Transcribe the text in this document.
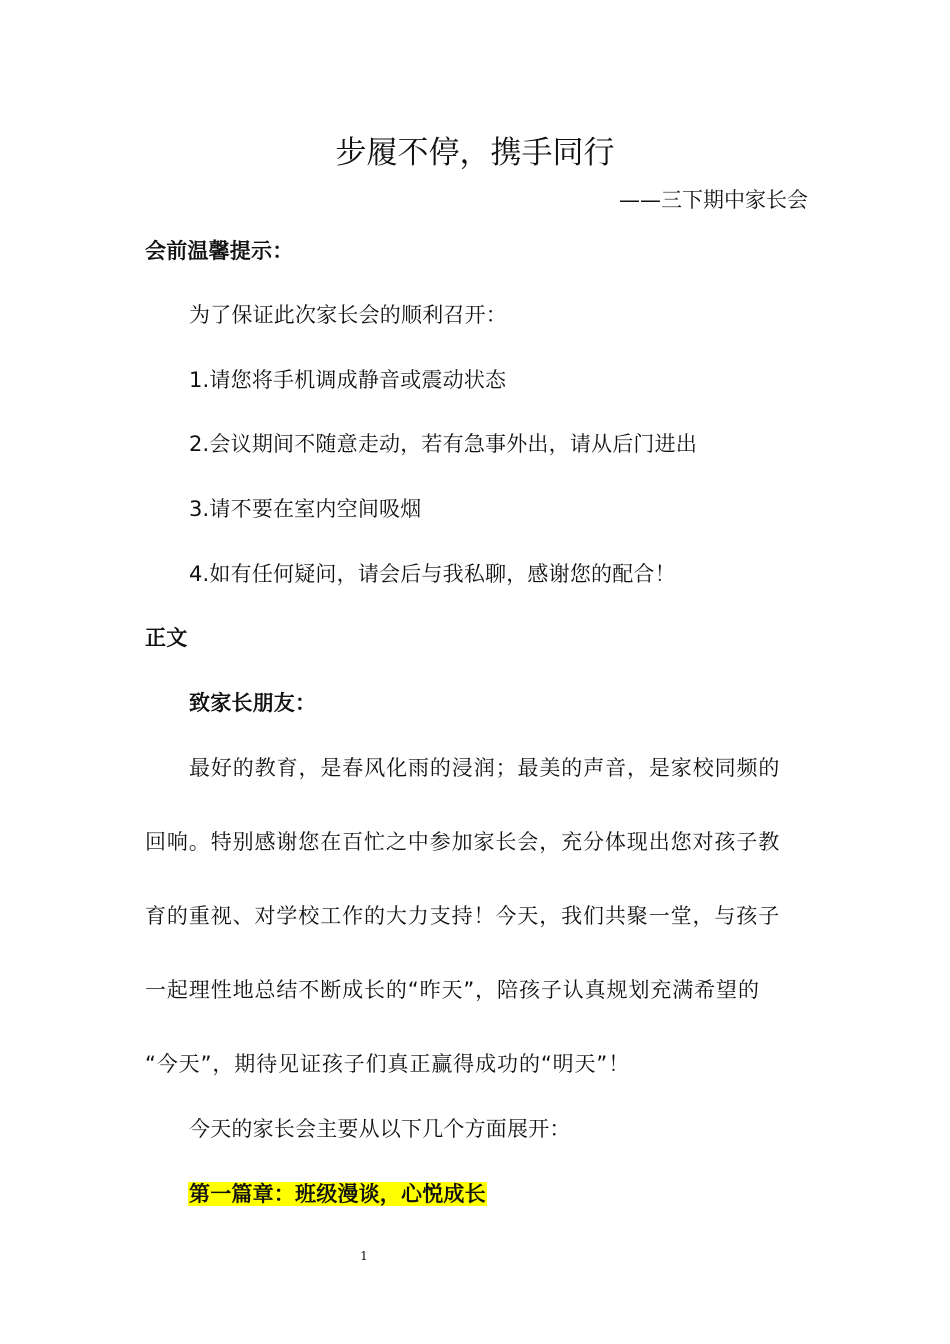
步履不停，携手同行
——三下期中家长会
会前温馨提示：
为了保证此次家长会的顺利召开：
1.请您将手机调成静音或震动状态
2.会议期间不随意走动，若有急事外出，请从后门进出
3.请不要在室内空间吸烟
4.如有任何疑问，请会后与我私聊，感谢您的配合！
正文
致家长朋友：
最好的教育，是春风化雨的浸润；最美的声音，是家校同频的
回响。特别感谢您在百忙之中参加家长会，充分体现出您对孩子教
育的重视、对学校工作的大力支持！今天，我们共聚一堂，与孩子
一起理性地总结不断成长的“昨天”，陪孩子认真规划充满希望的
“今天”，期待见证孩子们真正赢得成功的“明天”！
今天的家长会主要从以下几个方面展开：
第一篇章：班级漫谈，心悦成长
1
